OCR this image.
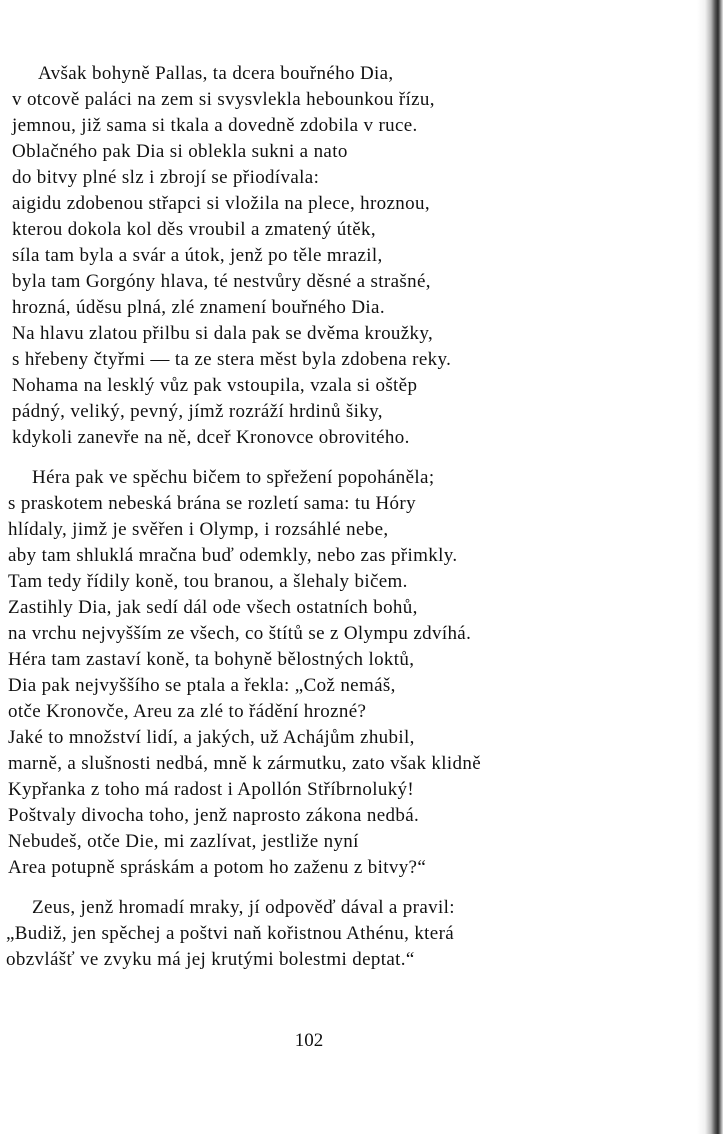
Avšak bohyně Pallas, ta dcera bouřného Dia,
v otcově paláci na zem si svysvlekla hebounkou řízu,
jemnou, již sama si tkala a dovedně zdobila v ruce.
Oblačného pak Dia si oblekla sukni a nato
do bitvy plné slz i zbrojí se přiodívala:
aigidu zdobenou střapci si vložila na plece, hroznou,
kterou dokola kol děs vroubil a zmatený útěk,
síla tam byla a svár a útok, jenž po těle mrazil,
byla tam Gorgóny hlava, té nestvůry děsné a strašné,
hrozná, úděsu plná, zlé znamení bouřného Dia.
Na hlavu zlatou přilbu si dala pak se dvěma kroužky,
s hřebeny čtyřmi — ta ze stera měst byla zdobena reky.
Nohama na lesklý vůz pak vstoupila, vzala si oštěp
pádný, veliký, pevný, jímž rozráží hrdinů šiky,
kdykoli zanevře na ně, dceř Kronovce obrovitého.
Héra pak ve spěchu bičem to spřežení popoháněla;
s praskotem nebeská brána se rozletí sama: tu Hóry
hlídaly, jimž je svěřen i Olymp, i rozsáhlé nebe,
aby tam shluklá mračna buď odemkly, nebo zas přimkly.
Tam tedy řídily koně, tou branou, a šlehaly bičem.
Zastihly Dia, jak sedí dál ode všech ostatních bohů,
na vrchu nejvyšším ze všech, co štítů se z Olympu zdvíhá.
Héra tam zastaví koně, ta bohyně bělostných loktů,
Dia pak nejvyššího se ptala a řekla: „Což nemáš,
otče Kronovče, Areu za zlé to řádění hrozné?
Jaké to množství lidí, a jakých, už Achájům zhubil,
marně, a slušnosti nedbá, mně k zármutku, zato však klidně
Kypřanka z toho má radost i Apollón Stříbrnoluký!
Poštvaly divocha toho, jenž naprosto zákona nedbá.
Nebudeš, otče Die, mi zazlívat, jestliže nyní
Area potupně spráskám a potom ho zaženu z bitvy?“
Zeus, jenž hromadí mraky, jí odpověď dával a pravil:
„Budiž, jen spěchej a poštvi naň kořistnou Athénu, která
obzvlášť ve zvyku má jej krutými bolestmi deptat.“
102
